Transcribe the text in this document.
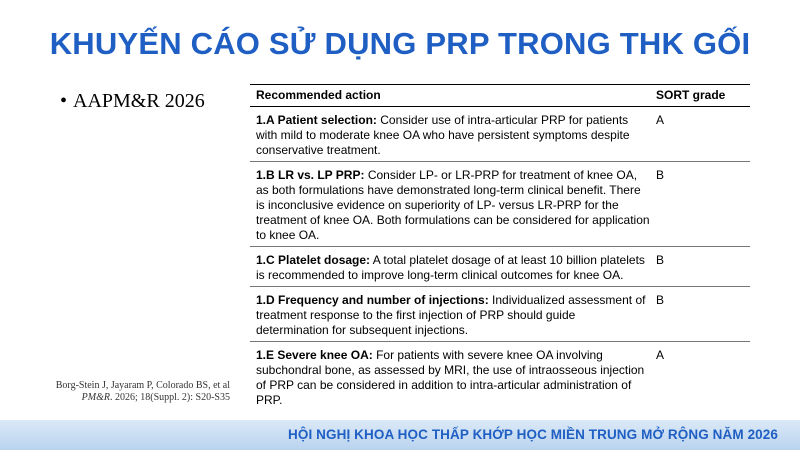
KHUYẾN CÁO SỬ DỤNG PRP TRONG THK GỐI
• AAPM&R 2026	Recommended action	SORT grade
1.A Patient selection: Consider use of intra-articular PRP for patients with mild to moderate knee OA who have persistent symptoms despite conservative treatment.
A
1.B LR vs. LP PRP: Consider LP- or LR-PRP for treatment of knee OA, as both formulations have demonstrated long-term clinical benefit. There is inconclusive evidence on superiority of LP- versus LR-PRP for the treatment of knee OA. Both formulations can be considered for application to knee OA.
B
1.C Platelet dosage: A total platelet dosage of at least 10 billion platelets is recommended to improve long-term clinical outcomes for knee OA.
B
1.D Frequency and number of injections: Individualized assessment of treatment response to the first injection of PRP should guide determination for subsequent injections.
B
1.E Severe knee OA: For patients with severe knee OA involving subchondral bone, as assessed by MRI, the use of intraosseous injection of PRP can be considered in addition to intra-articular administration of PRP.
A
Borg-Stein J, Jayaram P, Colorado BS, et al
PM&R. 2026; 18(Suppl. 2): S20-S35
HỘI NGHỊ KHOA HỌC THẤP KHỚP HỌC MIỀN TRUNG MỞ RỘNG NĂM 2026
